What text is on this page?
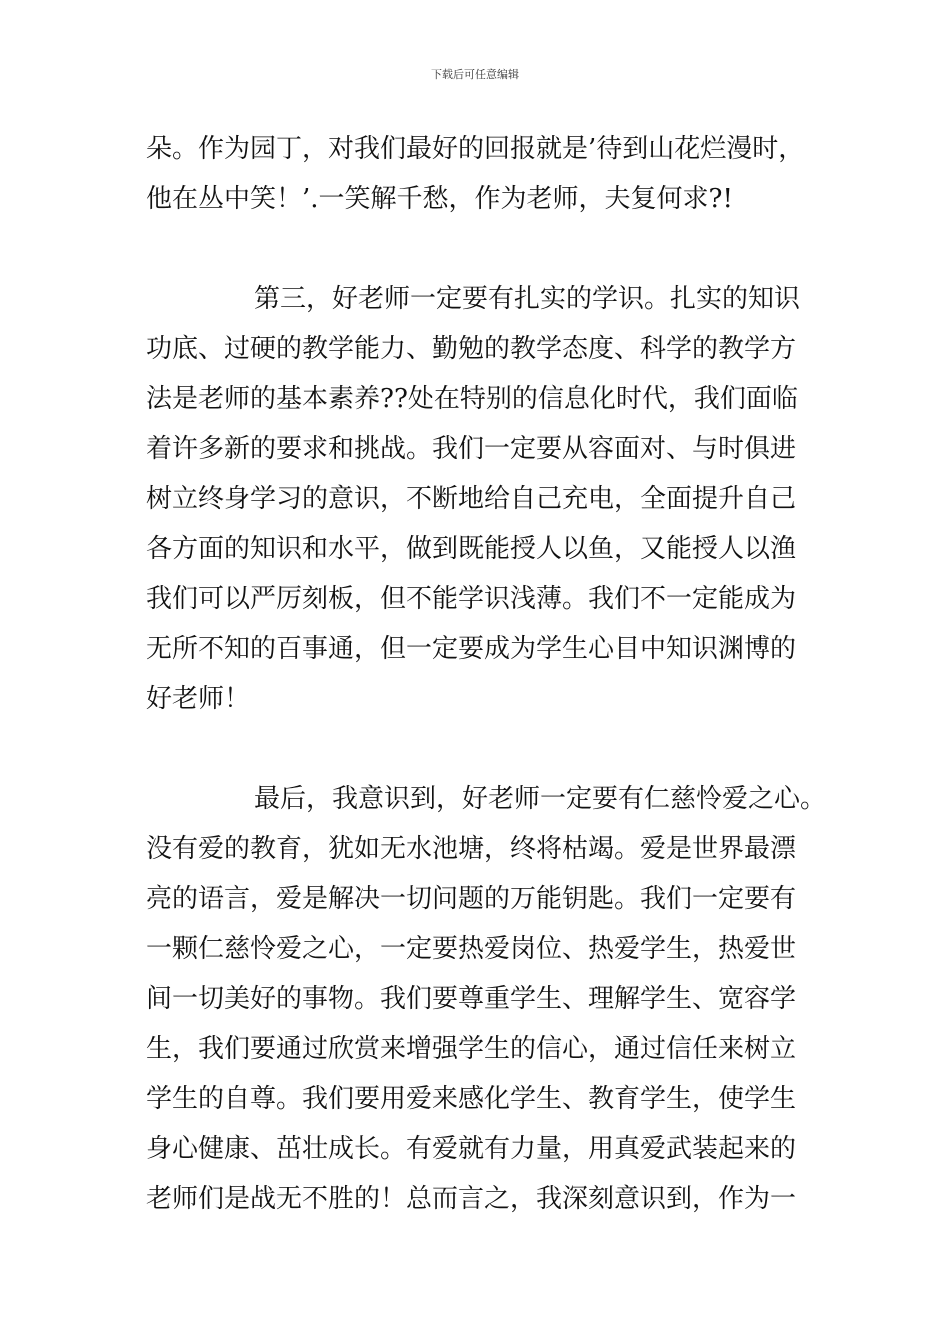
下载后可任意编辑
朵。作为园丁，对我们最好的回报就是’待到山花烂漫时，
他在丛中笑！’.一笑解千愁，作为老师，夫复何求?!
第三，好老师一定要有扎实的学识。扎实的知识
功底、过硬的教学能力、勤勉的教学态度、科学的教学方
法是老师的基本素养??处在特别的信息化时代，我们面临
着许多新的要求和挑战。我们一定要从容面对、与时俱进
树立终身学习的意识，不断地给自己充电，全面提升自己
各方面的知识和水平，做到既能授人以鱼，又能授人以渔
我们可以严厉刻板，但不能学识浅薄。我们不一定能成为
无所不知的百事通，但一定要成为学生心目中知识渊博的
好老师！
最后，我意识到，好老师一定要有仁慈怜爱之心。
没有爱的教育，犹如无水池塘，终将枯竭。爱是世界最漂
亮的语言，爱是解决一切问题的万能钥匙。我们一定要有
一颗仁慈怜爱之心，一定要热爱岗位、热爱学生，热爱世
间一切美好的事物。我们要尊重学生、理解学生、宽容学
生，我们要通过欣赏来增强学生的信心，通过信任来树立
学生的自尊。我们要用爱来感化学生、教育学生，使学生
身心健康、茁壮成长。有爱就有力量，用真爱武装起来的
老师们是战无不胜的！总而言之，我深刻意识到，作为一
